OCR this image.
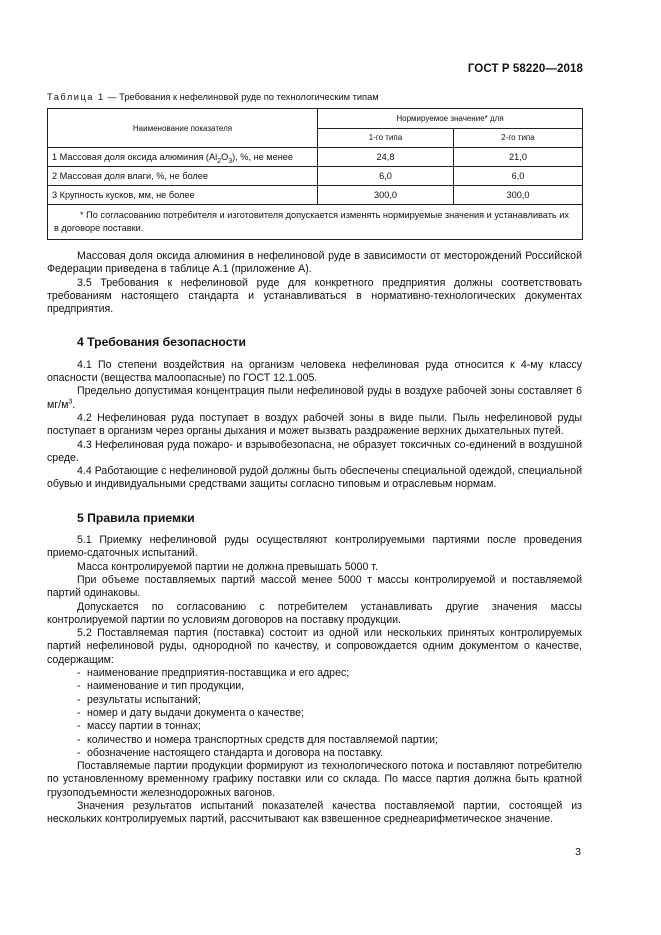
ГОСТ Р 58220—2018
Таблица 1 — Требования к нефелиновой руде по технологическим типам
Наименование показателя	Нормируемое значение* для	
	1-го типа	2-го типа
1 Массовая доля оксида алюминия $(Al_2O_3)$, %, не менее	24,8	21,0
2 Массовая доля влаги, %, не более	6,0	6,0
3 Крупность кусков, мм, не более	300,0	300,0
* По согласованию потребителя и изготовителя допускается изменять нормируемые значения и устанавливать их в договоре поставки.		

Массовая доля оксида алюминия в нефелиновой руде в зависимости от месторождений Российской Федерации приведена в таблице А.1 (приложение А).

3.5 Требования к нефелиновой руде для конкретного предприятия должны соответствовать требованиям настоящего стандарта и устанавливаться в нормативно-технологических документах предприятия.

4 Требования безопасности

4.1 По степени воздействия на организм человека нефелиновая руда относится к 4-му классу опасности (вещества малоопасные) по ГОСТ 12.1.005.

Предельно допустимая концентрация пыли нефелиновой руды в воздухе рабочей зоны составляет 6 $мг/м^3$.

4.2 Нефелиновая руда поступает в воздух рабочей зоны в виде пыли. Пыль нефелиновой руды поступает в организм через органы дыхания и может вызвать раздражение верхних дыхательных путей.

4.3 Нефелиновая руда пожаро- и взрывобезопасна, не образует токсичных со-единений в воздушной среде.

4.4 Работающие с нефелиновой рудой должны быть обеспечены специальной одеждой, специальной обувью и индивидуальными средствами защиты согласно типовым и отраслевым нормам.

5 Правила приемки

5.1 Приемку нефелиновой руды осуществляют контролируемыми партиями после проведения приемо-сдаточных испытаний.

Масса контролируемой партии не должна превышать 5000 т.

При объеме поставляемых партий массой менее 5000 т массы контролируемой и поставляемой партий одинаковы.

Допускается по согласованию с потребителем устанавливать другие значения массы контролируемой партии по условиям договоров на поставку продукции.

5.2 Поставляемая партия (поставка) состоит из одной или нескольких принятых контролируемых партий нефелиновой руды, однородной по качеству, и сопровождается одним документом о качестве, содержащим:

- наименование предприятия-поставщика и его адрес;
- наименование и тип продукции,
- результаты испытаний;
- номер и дату выдачи документа о качестве;
- массу партии в тоннах;
- количество и номера транспортных средств для поставляемой партии;
- обозначение настоящего стандарта и договора на поставку.

Поставляемые партии продукции формируют из технологического потока и поставляют потребителю по установленному временному графику поставки или со склада. По массе партия должна быть кратной грузоподъемности железнодорожных вагонов.

Значения результатов испытаний показателей качества поставляемой партии, состоящей из нескольких контролируемых партий, рассчитывают как взвешенное среднеарифметическое значение.

3
